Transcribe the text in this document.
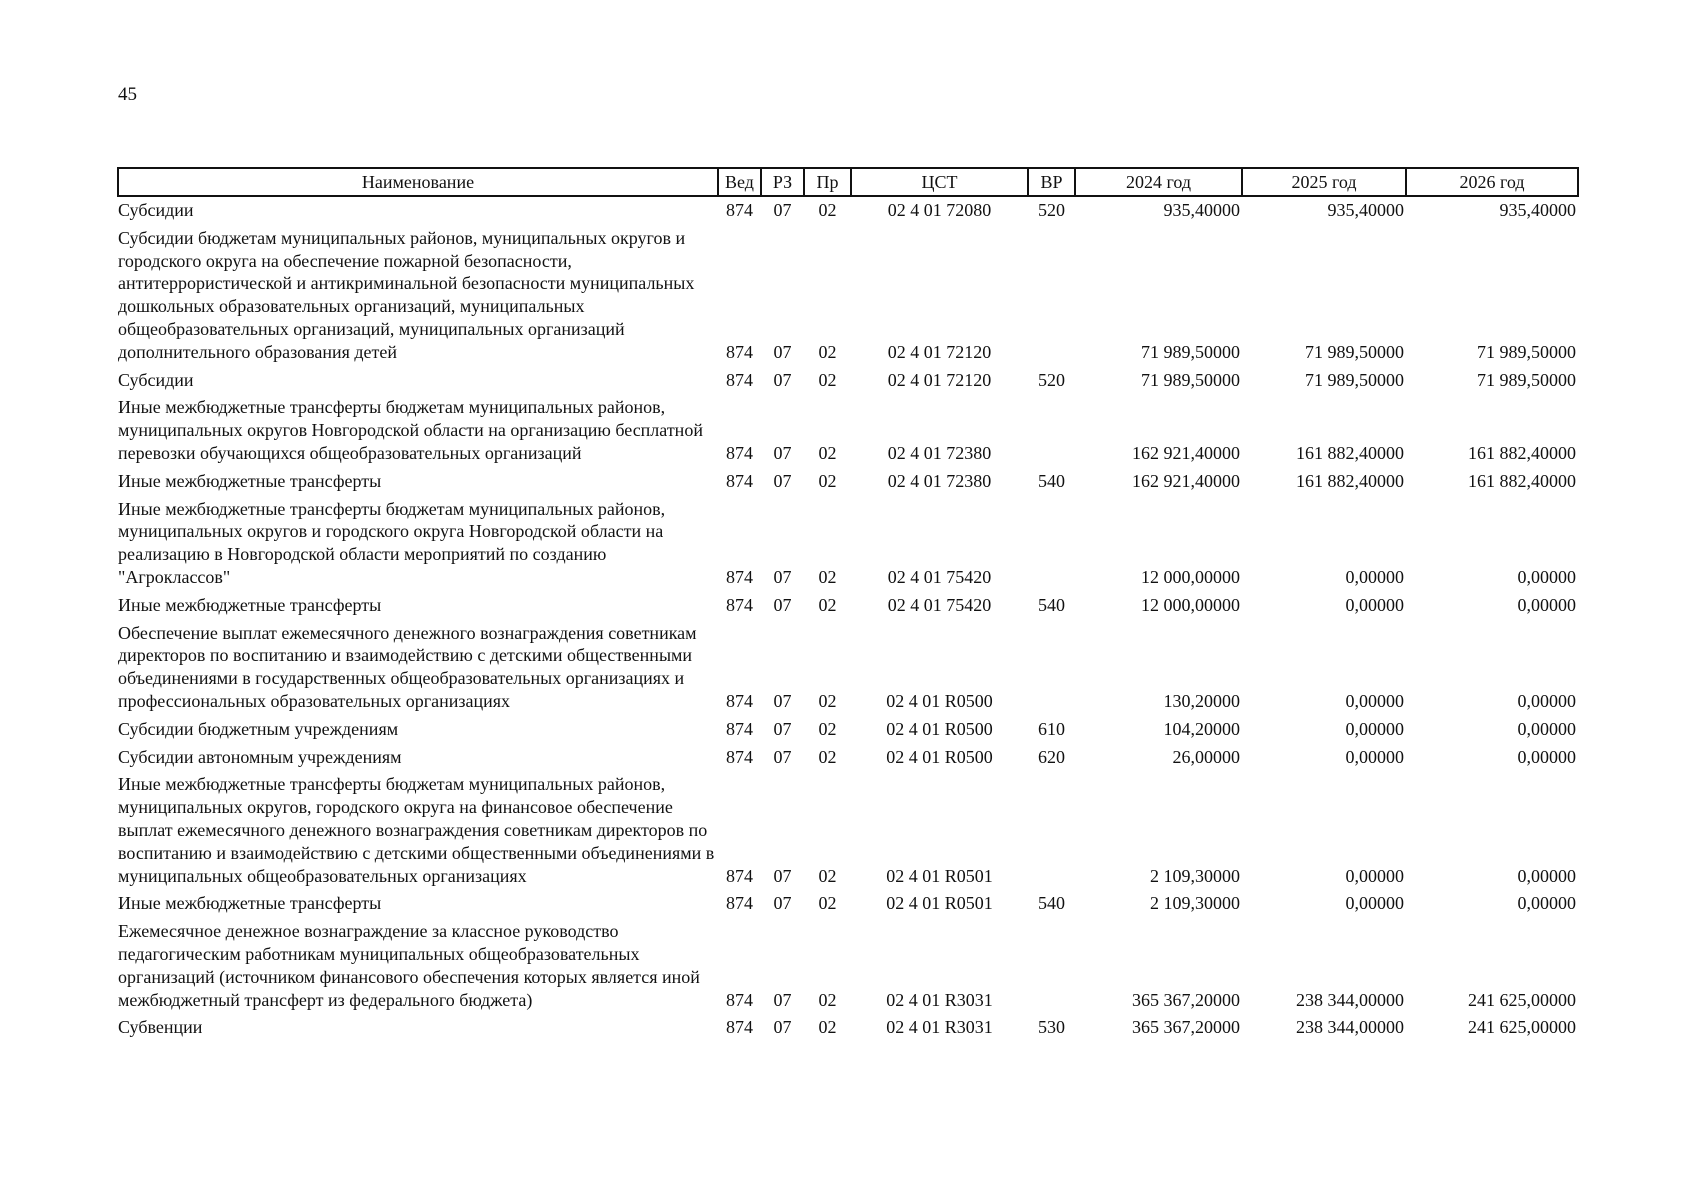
45
Наименование	Вед	РЗ	Пр	ЦСТ	ВР	2024 год	2025 год	2026 год
Субсидии	874	07	02	02 4 01 72080	520	935,40000	935,40000	935,40000
Субсидии бюджетам муниципальных районов, муниципальных округов и городского округа на обеспечение пожарной безопасности, антитеррористической и антикриминальной безопасности муниципальных дошкольных образовательных организаций, муниципальных общеобразовательных организаций, муниципальных организаций дополнительного образования детей	874	07	02	02 4 01 72120		71 989,50000	71 989,50000	71 989,50000
Субсидии	874	07	02	02 4 01 72120	520	71 989,50000	71 989,50000	71 989,50000
Иные межбюджетные трансферты бюджетам муниципальных районов, муниципальных округов Новгородской области на организацию бесплатной перевозки обучающихся общеобразовательных организаций	874	07	02	02 4 01 72380		162 921,40000	161 882,40000	161 882,40000
Иные межбюджетные трансферты	874	07	02	02 4 01 72380	540	162 921,40000	161 882,40000	161 882,40000
Иные межбюджетные трансферты бюджетам муниципальных районов, муниципальных округов и городского округа Новгородской области на реализацию в Новгородской области мероприятий по созданию "Агроклассов"	874	07	02	02 4 01 75420		12 000,00000	0,00000	0,00000
Иные межбюджетные трансферты	874	07	02	02 4 01 75420	540	12 000,00000	0,00000	0,00000
Обеспечение выплат ежемесячного денежного вознаграждения советникам директоров по воспитанию и взаимодействию с детскими общественными объединениями в государственных общеобразовательных организациях и профессиональных образовательных организациях	874	07	02	02 4 01 R0500		130,20000	0,00000	0,00000
Субсидии бюджетным учреждениям	874	07	02	02 4 01 R0500	610	104,20000	0,00000	0,00000
Субсидии автономным учреждениям	874	07	02	02 4 01 R0500	620	26,00000	0,00000	0,00000
Иные межбюджетные трансферты бюджетам муниципальных районов, муниципальных округов, городского округа на финансовое обеспечение выплат ежемесячного денежного вознаграждения советникам директоров по воспитанию и взаимодействию с детскими общественными объединениями в муниципальных общеобразовательных организациях	874	07	02	02 4 01 R0501		2 109,30000	0,00000	0,00000
Иные межбюджетные трансферты	874	07	02	02 4 01 R0501	540	2 109,30000	0,00000	0,00000
Ежемесячное денежное вознаграждение за классное руководство педагогическим работникам муниципальных общеобразовательных организаций (источником финансового обеспечения которых является иной межбюджетный трансферт из федерального бюджета)	874	07	02	02 4 01 R3031		365 367,20000	238 344,00000	241 625,00000
Субвенции	874	07	02	02 4 01 R3031	530	365 367,20000	238 344,00000	241 625,00000
